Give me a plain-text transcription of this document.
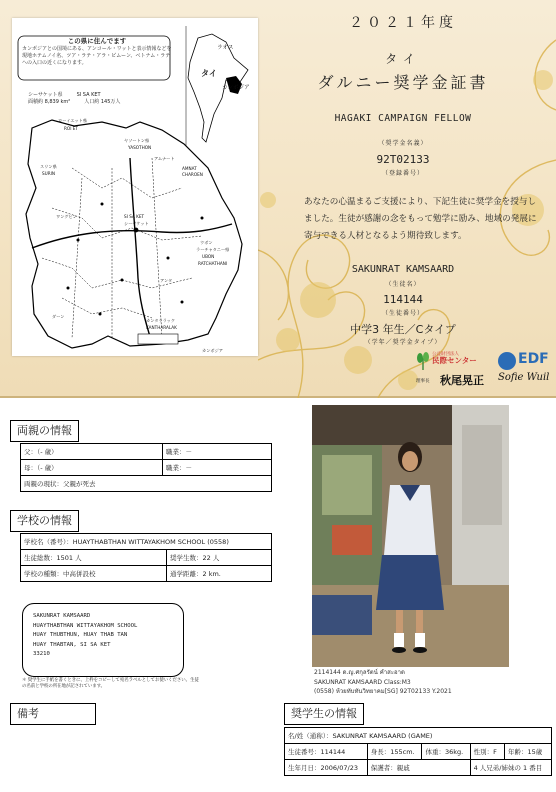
この県に住んでます
カンボジアとの国境にある、アンコール・ワットと表示情報などを現地ホテムノイ名、ツア・ラテ・アラ・ピムーン、ベトナム・ラテへの入口の近くになります。
シーサケット県	SI SA KET
面積約 8,839 km²	人口約 145万人
ラオス
タイ
カンボジア
カンボジア
ローイエット県
ROI ET
スリン県
SURIN
ヤソートン県
YASOTHON
アムナート
AMNAT
CHAROEN
ウボン
ラーチャタニー県
UBON
RATCHATHANI
SI SA KET
シーサケット
カンタララック
KANTHARALAK
ワングヒン
ダーン
アンタ
２０２１年度
タイ
ダルニー奨学金証書
HAGAKI CAMPAIGN FELLOW
（奨学金名義）
92T02133
（登録番号）
あなたの心温まるご支援により、下記生徒に奨学金を授与しました。生徒が感謝の念をもって勉学に励み、地域の発展に寄与できる人材となるよう期待致します。
SAKUNRAT KAMSAARD
（生徒名）
114144
（生徒番号）
中学3 年生／Cタイプ
（学年／奨学金タイプ）
公益財団法人
民際センター	EDF
理事長 秋尾晃正 Sofie Wuil
両親の情報
父：（- 歳）	職業：－
母：（- 歳）	職業：－
両親の現状：父親が死去	
学校の情報
学校名（番号）：HUAYTHABTHAN WITTAYAKHOM SCHOOL (0558)	
生徒総数：1501 人	奨学生数：22 人
学校の種類：中高併設校	通学距離：2 km.
SAKUNRAT KAMSAARD
HUAYTHABTHAN WITTAYAKHOM SCHOOL
HUAY THUBTHUN, HUAY THAB TAN
HUAY THABTAN, SI SA KET
33210
＊ 奨学生に手紙を書くときに、上枠をコピーして宛名ラベルとしてお使いください。生徒の名前と学校の所在地が記されています。
備考
2114144 ด.ญ.ศกุลรัตน์ คำสะอาด
SAKUNRAT KAMSAARD Class:M3
(0558) ห้วยทับทันวิทยาคม[SG] 92T02133 Y.2021
奨学生の情報
名/姓（通称）：SAKUNRAT KAMSAARD (GAME)				
生徒番号：114144	身長：155cm.	体重：36kg.	性別：F	年齢：15歳
生年月日：2006/07/23	保護者：親戚		4 人兄弟/姉妹の 1 番目	
